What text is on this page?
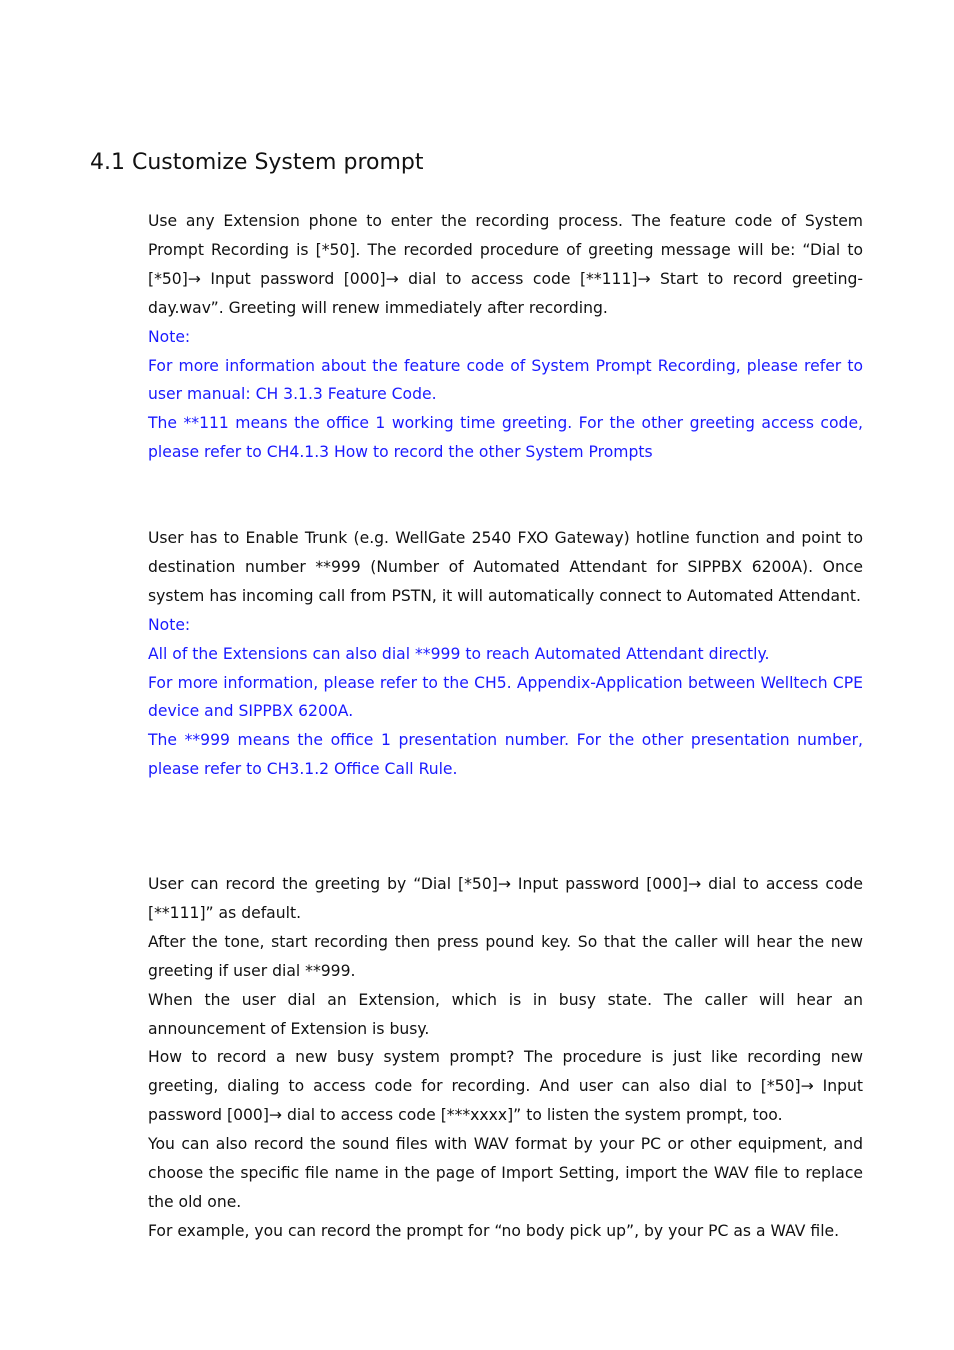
4.1 Customize System prompt

Use any Extension phone to enter the recording process. The feature code of System Prompt Recording is [*50]. The recorded procedure of greeting message will be: “Dial to [*50]→ Input password [000]→ dial to access code [**111]→ Start to record greeting-day.wav”. Greeting will renew immediately after recording.

Note:

For more information about the feature code of System Prompt Recording, please refer to user manual: CH 3.1.3 Feature Code.

The **111 means the office 1 working time greeting. For the other greeting access code, please refer to CH4.1.3 How to record the other System Prompts

User has to Enable Trunk (e.g. WellGate 2540 FXO Gateway) hotline function and point to destination number **999 (Number of Automated Attendant for SIPPBX 6200A). Once system has incoming call from PSTN, it will automatically connect to Automated Attendant.

Note:

All of the Extensions can also dial **999 to reach Automated Attendant directly.

For more information, please refer to the CH5. Appendix-Application between Welltech CPE device and SIPPBX 6200A.

The **999 means the office 1 presentation number. For the other presentation number, please refer to CH3.1.2 Office Call Rule.

User can record the greeting by “Dial [*50]→ Input password [000]→ dial to access code [**111]” as default.

After the tone, start recording then press pound key. So that the caller will hear the new greeting if user dial **999.

When the user dial an Extension, which is in busy state. The caller will hear an announcement of Extension is busy.

How to record a new busy system prompt? The procedure is just like recording new greeting, dialing to access code for recording. And user can also dial to [*50]→ Input password [000]→ dial to access code [***xxxx]” to listen the system prompt, too.

You can also record the sound files with WAV format by your PC or other equipment, and choose the specific file name in the page of Import Setting, import the WAV file to replace the old one.

For example, you can record the prompt for “no body pick up”, by your PC as a WAV file.
